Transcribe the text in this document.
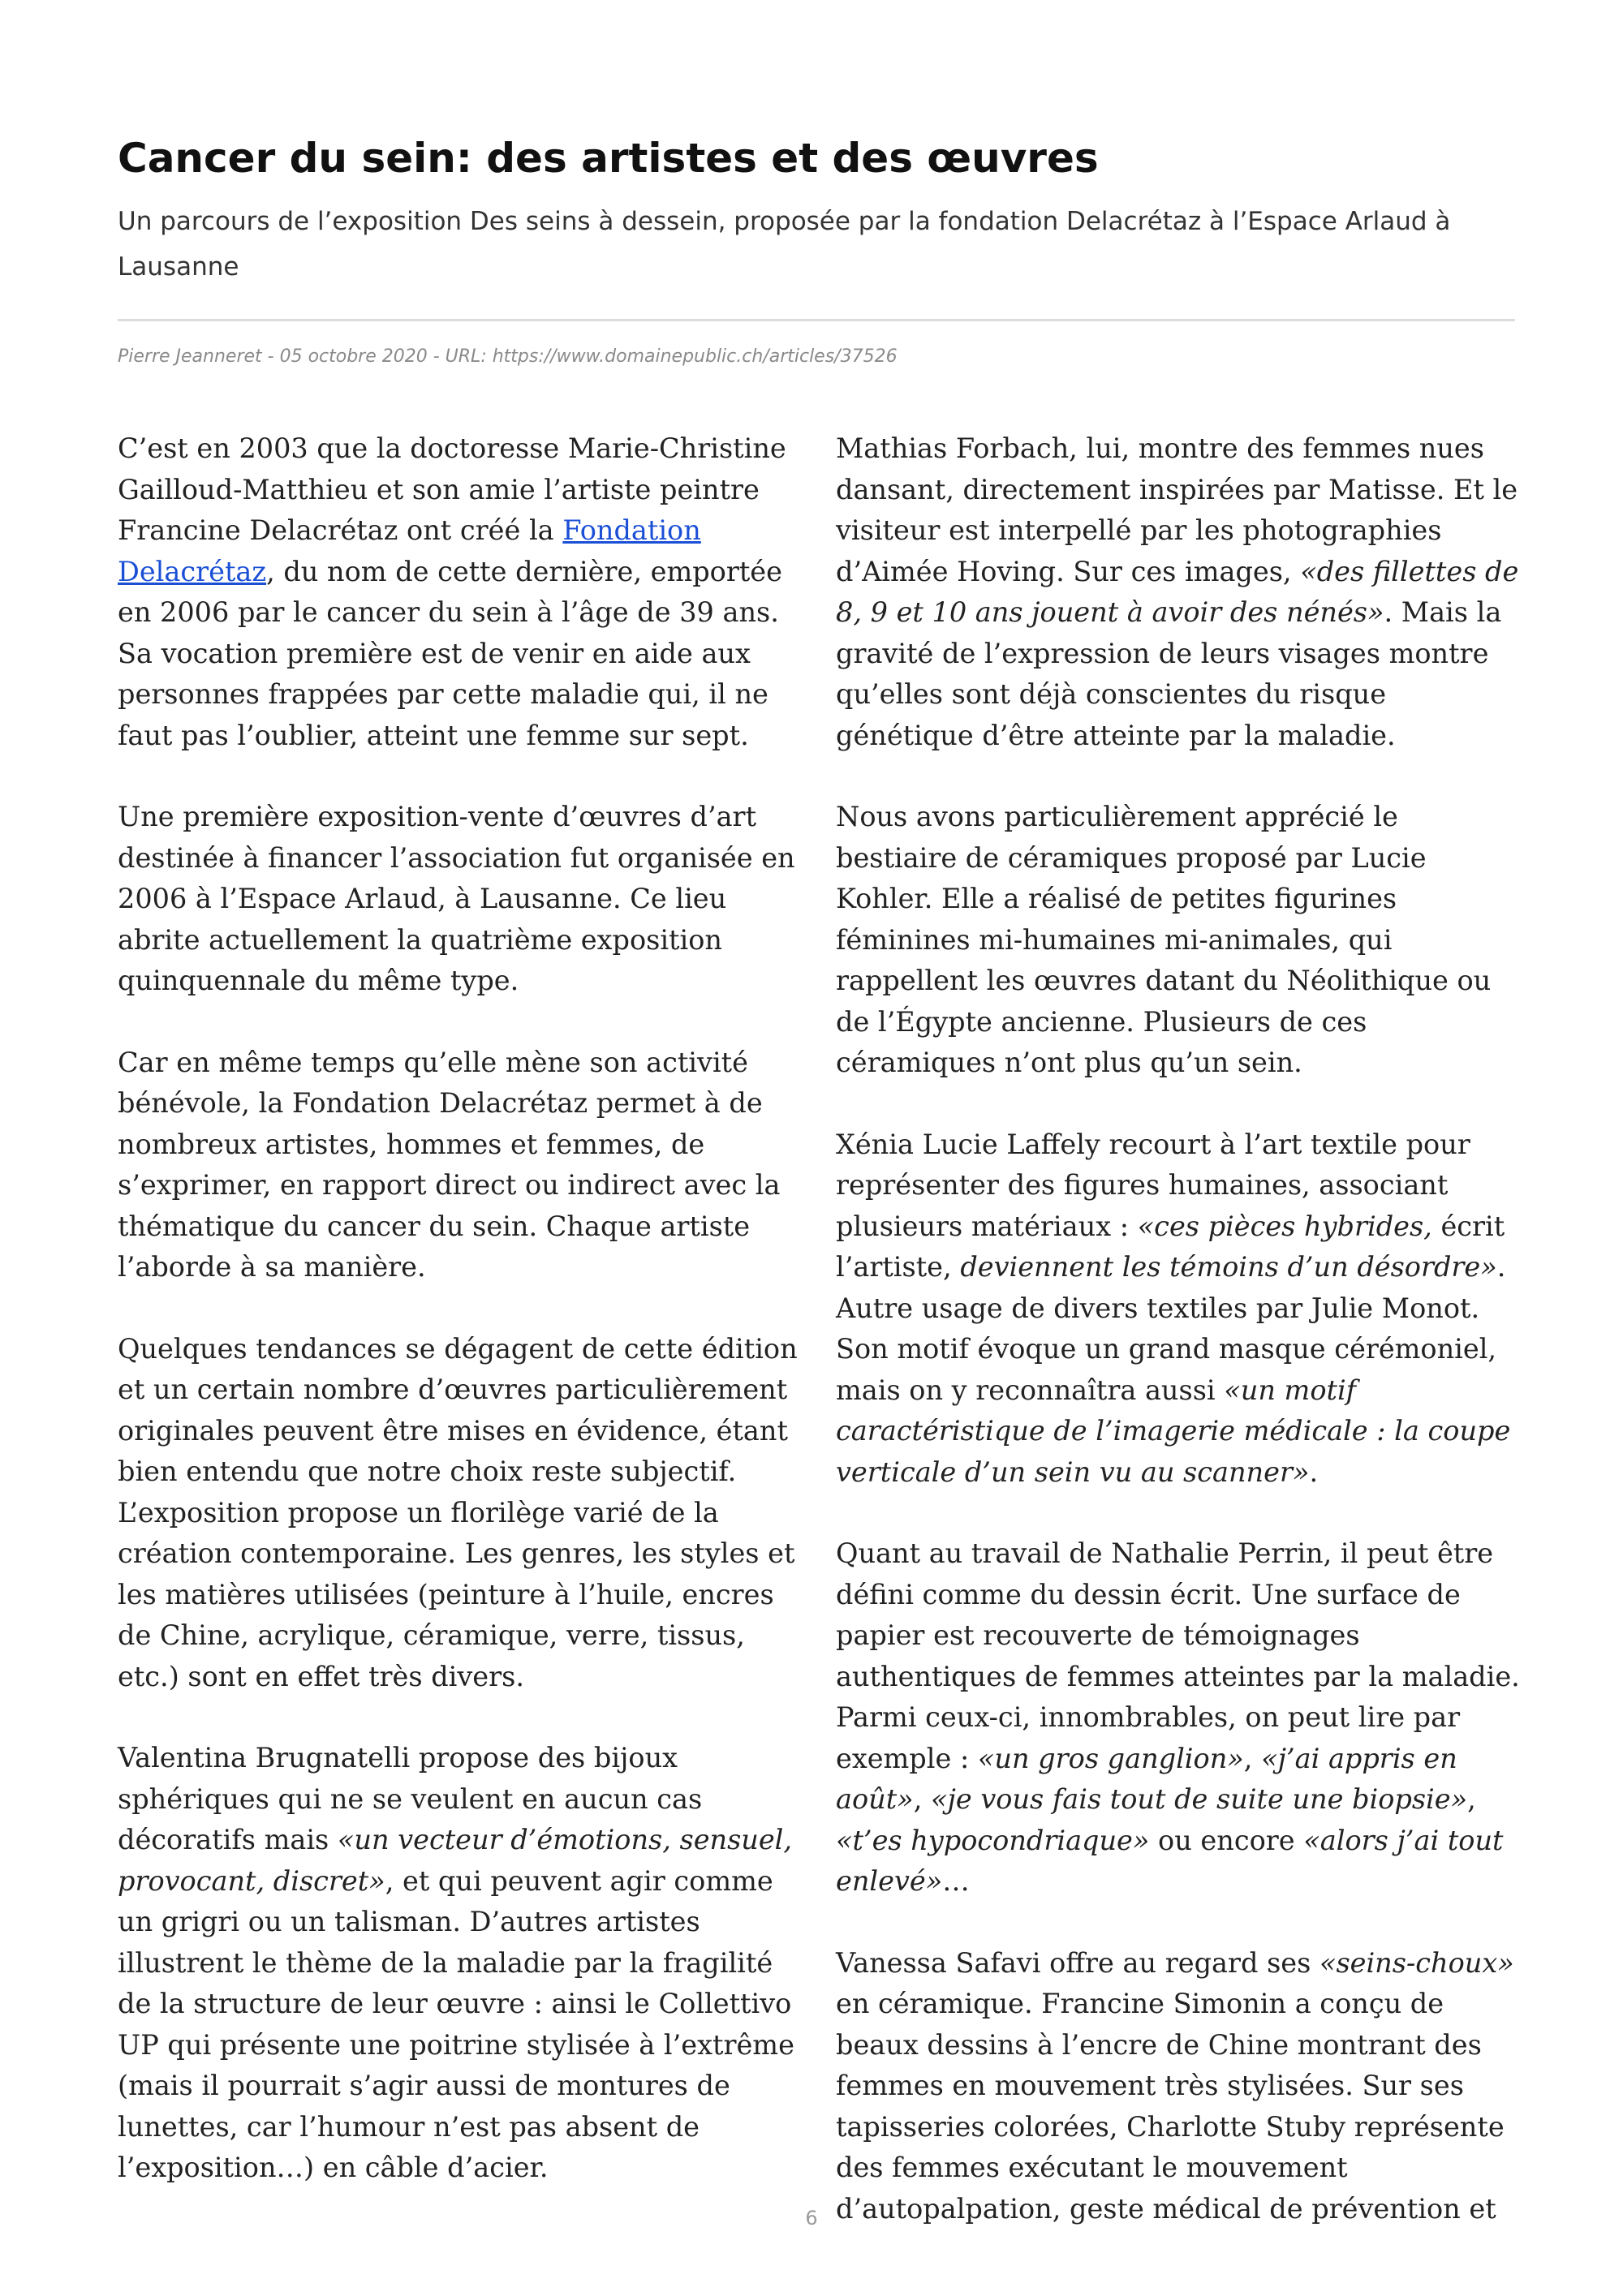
Cancer du sein: des artistes et des œuvres

Un parcours de l’exposition Des seins à dessein, proposée par la fondation Delacrétaz à l’Espace Arlaud à Lausanne

Pierre Jeanneret - 05 octobre 2020 - URL: https://www.domainepublic.ch/articles/37526

C’est en 2003 que la doctoresse Marie-Christine Gailloud-Matthieu et son amie l’artiste peintre Francine Delacrétaz ont créé la Fondation Delacrétaz, du nom de cette dernière, emportée en 2006 par le cancer du sein à l’âge de 39 ans. Sa vocation première est de venir en aide aux personnes frappées par cette maladie qui, il ne faut pas l’oublier, atteint une femme sur sept.

Une première exposition-vente d’œuvres d’art destinée à financer l’association fut organisée en 2006 à l’Espace Arlaud, à Lausanne. Ce lieu abrite actuellement la quatrième exposition quinquennale du même type.

Car en même temps qu’elle mène son activité bénévole, la Fondation Delacrétaz permet à de nombreux artistes, hommes et femmes, de s’exprimer, en rapport direct ou indirect avec la thématique du cancer du sein. Chaque artiste l’aborde à sa manière.

Quelques tendances se dégagent de cette édition et un certain nombre d’œuvres particulièrement originales peuvent être mises en évidence, étant bien entendu que notre choix reste subjectif. L’exposition propose un florilège varié de la création contemporaine. Les genres, les styles et les matières utilisées (peinture à l’huile, encres de Chine, acrylique, céramique, verre, tissus, etc.) sont en effet très divers.

Valentina Brugnatelli propose des bijoux sphériques qui ne se veulent en aucun cas décoratifs mais «un vecteur d’émotions, sensuel, provocant, discret», et qui peuvent agir comme un grigri ou un talisman. D’autres artistes illustrent le thème de la maladie par la fragilité de la structure de leur œuvre : ainsi le Collettivo UP qui présente une poitrine stylisée à l’extrême (mais il pourrait s’agir aussi de montures de lunettes, car l’humour n’est pas absent de l’exposition…) en câble d’acier.

Mathias Forbach, lui, montre des femmes nues dansant, directement inspirées par Matisse. Et le visiteur est interpellé par les photographies d’Aimée Hoving. Sur ces images, «des fillettes de 8, 9 et 10 ans jouent à avoir des nénés». Mais la gravité de l’expression de leurs visages montre qu’elles sont déjà conscientes du risque génétique d’être atteinte par la maladie.

Nous avons particulièrement apprécié le bestiaire de céramiques proposé par Lucie Kohler. Elle a réalisé de petites figurines féminines mi-humaines mi-animales, qui rappellent les œuvres datant du Néolithique ou de l’Égypte ancienne. Plusieurs de ces céramiques n’ont plus qu’un sein.

Xénia Lucie Laffely recourt à l’art textile pour représenter des figures humaines, associant plusieurs matériaux : «ces pièces hybrides, écrit l’artiste, deviennent les témoins d’un désordre». Autre usage de divers textiles par Julie Monot. Son motif évoque un grand masque cérémoniel, mais on y reconnaîtra aussi «un motif caractéristique de l’imagerie médicale : la coupe verticale d’un sein vu au scanner».

Quant au travail de Nathalie Perrin, il peut être défini comme du dessin écrit. Une surface de papier est recouverte de témoignages authentiques de femmes atteintes par la maladie. Parmi ceux-ci, innombrables, on peut lire par exemple : «un gros ganglion», «j’ai appris en août», «je vous fais tout de suite une biopsie», «t’es hypocondriaque» ou encore «alors j’ai tout enlevé»…

Vanessa Safavi offre au regard ses «seins-choux» en céramique. Francine Simonin a conçu de beaux dessins à l’encre de Chine montrant des femmes en mouvement très stylisées. Sur ses tapisseries colorées, Charlotte Stuby représente des femmes exécutant le mouvement d’autopalpation, geste médical de prévention et

6
